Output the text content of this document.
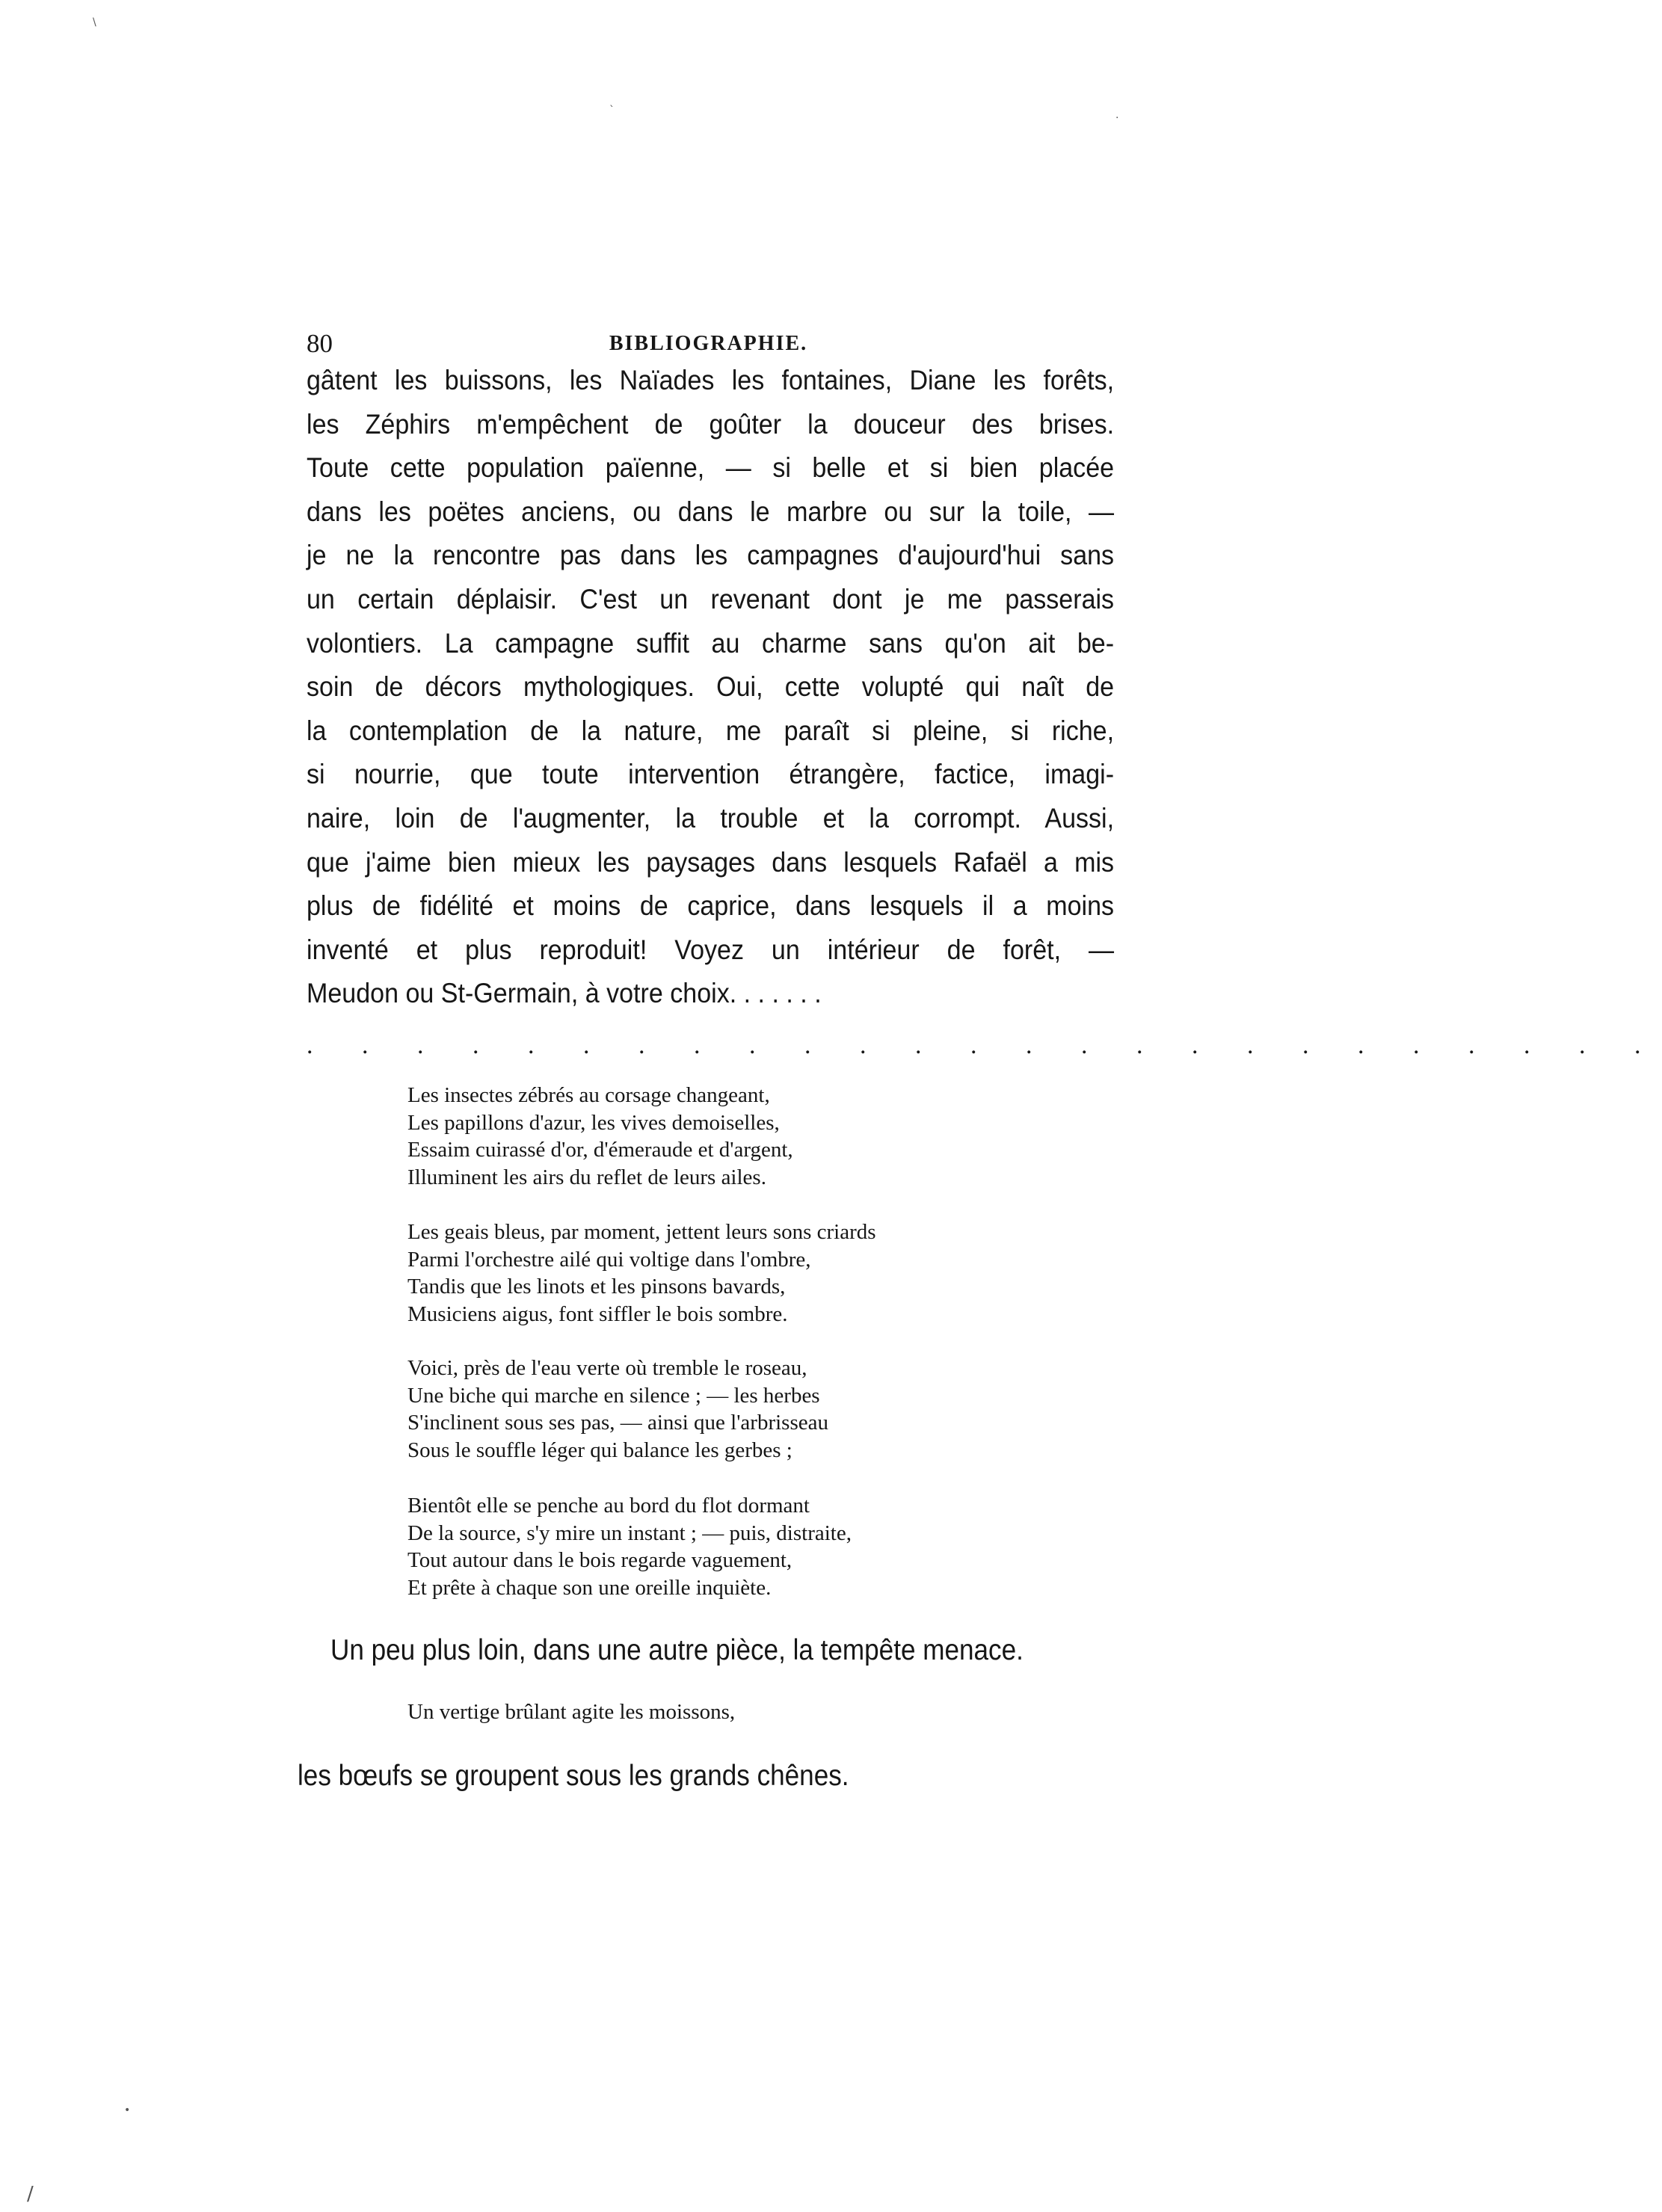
\
·
`
•
/
80	BIBLIOGRAPHIE.
gâtent les buissons, les Naïades les fontaines, Diane les forêts,
les Zéphirs m'empêchent de goûter la douceur des brises.
Toute cette population païenne, — si belle et si bien placée
dans les poëtes anciens, ou dans le marbre ou sur la toile, —
je ne la rencontre pas dans les campagnes d'aujourd'hui sans
un certain déplaisir. C'est un revenant dont je me passerais
volontiers. La campagne suffit au charme sans qu'on ait be-
soin de décors mythologiques. Oui, cette volupté qui naît de
la contemplation de la nature, me paraît si pleine, si riche,
si nourrie, que toute intervention étrangère, factice, imagi-
naire, loin de l'augmenter, la trouble et la corrompt. Aussi,
que j'aime bien mieux les paysages dans lesquels Rafaël a mis
plus de fidélité et moins de caprice, dans lesquels il a moins
inventé et plus reproduit! Voyez un intérieur de forêt, —
Meudon ou St-Germain, à votre choix. . . . . . .
. . . . . . . . . . . . . . . . . . . . . . . . .
Les insectes zébrés au corsage changeant,
Les papillons d'azur, les vives demoiselles,
Essaim cuirassé d'or, d'émeraude et d'argent,
Illuminent les airs du reflet de leurs ailes.
Les geais bleus, par moment, jettent leurs sons criards
Parmi l'orchestre ailé qui voltige dans l'ombre,
Tandis que les linots et les pinsons bavards,
Musiciens aigus, font siffler le bois sombre.
Voici, près de l'eau verte où tremble le roseau,
Une biche qui marche en silence ; — les herbes
S'inclinent sous ses pas, — ainsi que l'arbrisseau
Sous le souffle léger qui balance les gerbes ;
Bientôt elle se penche au bord du flot dormant
De la source, s'y mire un instant ; — puis, distraite,
Tout autour dans le bois regarde vaguement,
Et prête à chaque son une oreille inquiète.
Un peu plus loin, dans une autre pièce, la tempête menace.
Un vertige brûlant agite les moissons,
les bœufs se groupent sous les grands chênes.
